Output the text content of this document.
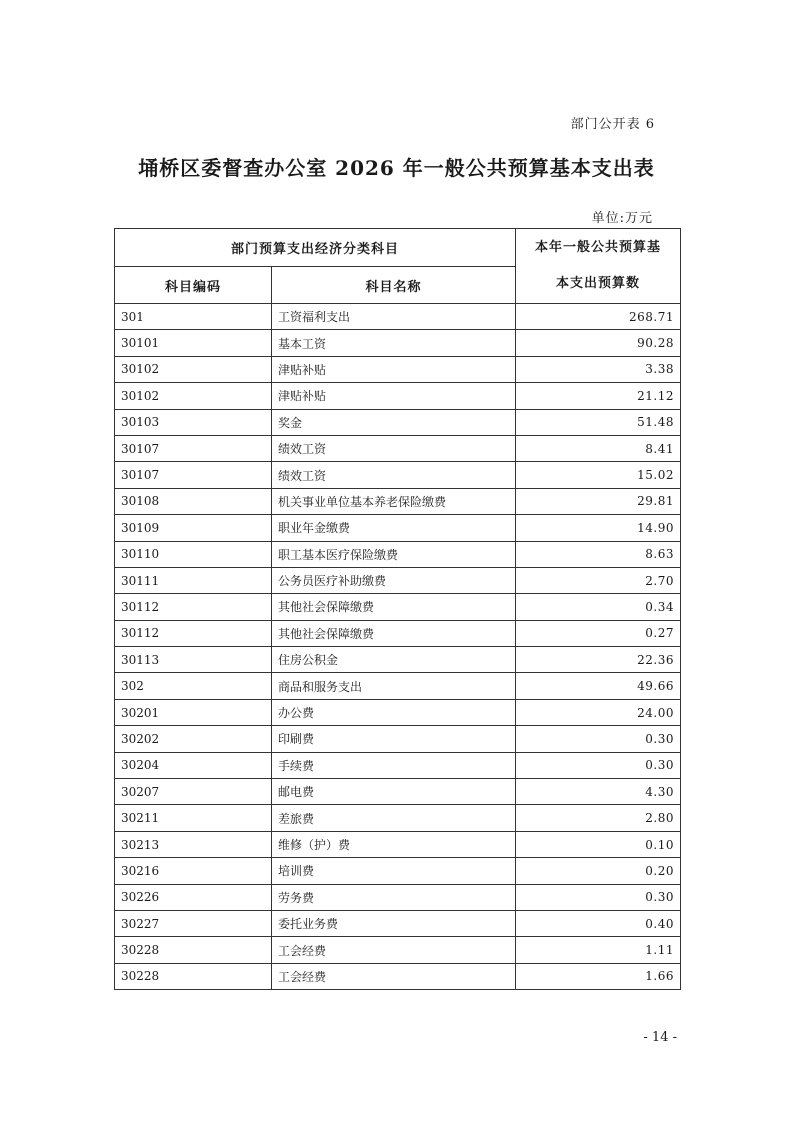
部门公开表 6
埇桥区委督查办公室 2026 年一般公共预算基本支出表
单位:万元
部门预算支出经济分类科目		本年一般公共预算基
本支出预算数

科目编码	科目名称	
301	工资福利支出	268.71
30101	基本工资	90.28
30102	津贴补贴	3.38
30102	津贴补贴	21.12
30103	奖金	51.48
30107	绩效工资	8.41
30107	绩效工资	15.02
30108	机关事业单位基本养老保险缴费	29.81
30109	职业年金缴费	14.90
30110	职工基本医疗保险缴费	8.63
30111	公务员医疗补助缴费	2.70
30112	其他社会保障缴费	0.34
30112	其他社会保障缴费	0.27
30113	住房公积金	22.36
302	商品和服务支出	49.66
30201	办公费	24.00
30202	印刷费	0.30
30204	手续费	0.30
30207	邮电费	4.30
30211	差旅费	2.80
30213	维修（护）费	0.10
30216	培训费	0.20
30226	劳务费	0.30
30227	委托业务费	0.40
30228	工会经费	1.11
30228	工会经费	1.66
- 14 -
